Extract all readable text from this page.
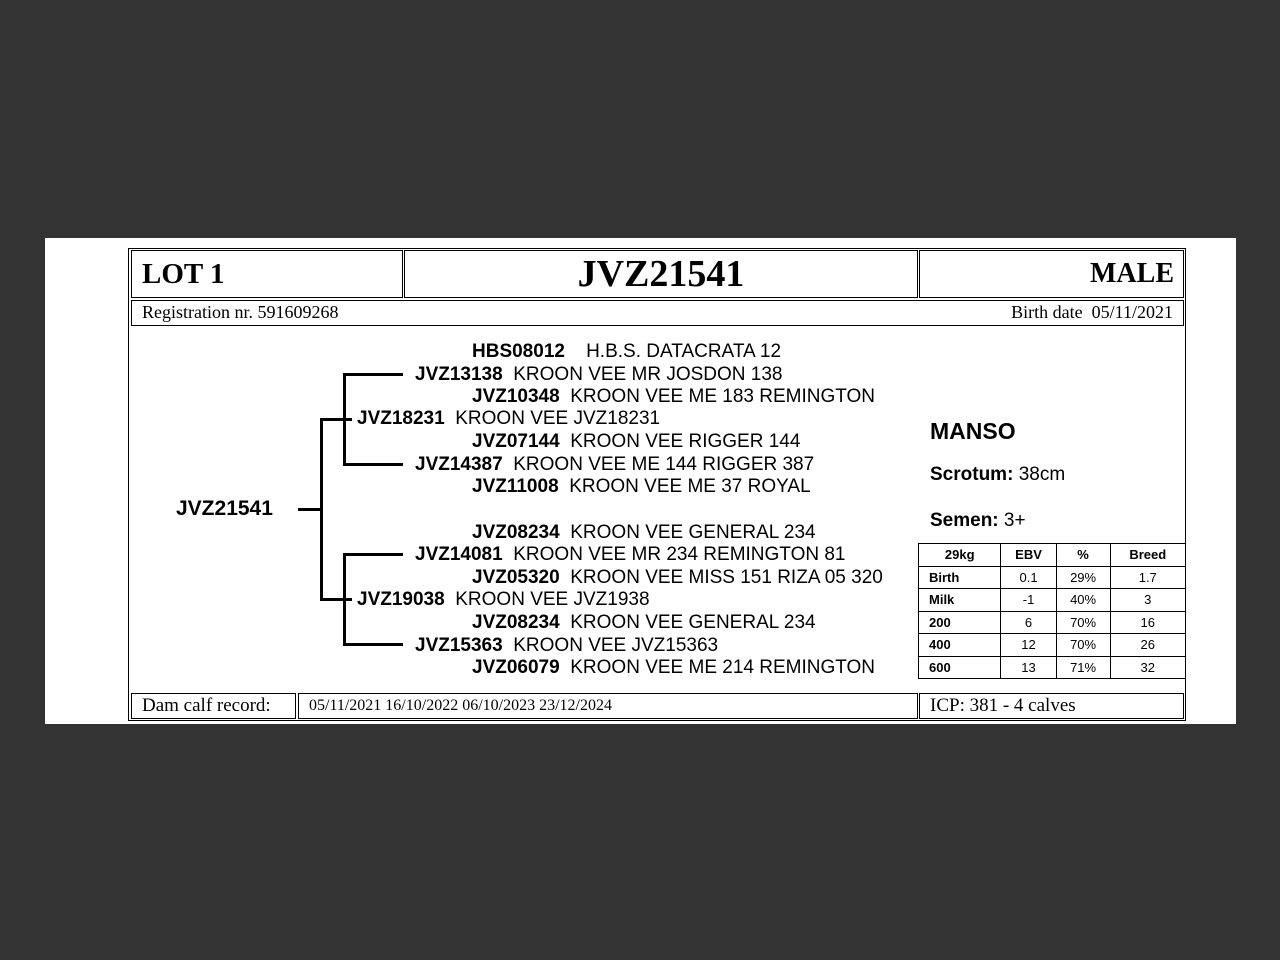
LOT 1	JVZ21541	MALE
Registration nr. 591609268	Birth date 05/11/2021
JVZ21541
HBS08012 H.B.S. DATACRATA 12
JVZ13138 KROON VEE MR JOSDON 138
JVZ10348 KROON VEE ME 183 REMINGTON
JVZ18231 KROON VEE JVZ18231
JVZ07144 KROON VEE RIGGER 144
JVZ14387 KROON VEE ME 144 RIGGER 387
JVZ11008 KROON VEE ME 37 ROYAL
JVZ08234 KROON VEE GENERAL 234
JVZ14081 KROON VEE MR 234 REMINGTON 81
JVZ05320 KROON VEE MISS 151 RIZA 05 320
JVZ19038 KROON VEE JVZ1938
JVZ08234 KROON VEE GENERAL 234
JVZ15363 KROON VEE JVZ15363
JVZ06079 KROON VEE ME 214 REMINGTON
MANSO
Scrotum: 38cm
Semen: 3+
29kg	EBV	%	Breed
Birth	0.1	29%	1.7
Milk	-1	40%	3
200	6	70%	16
400	12	70%	26
600	13	71%	32
Dam calf record: 05/11/2021 16/10/2022 06/10/2023 23/12/2024	ICP: 381 - 4 calves
